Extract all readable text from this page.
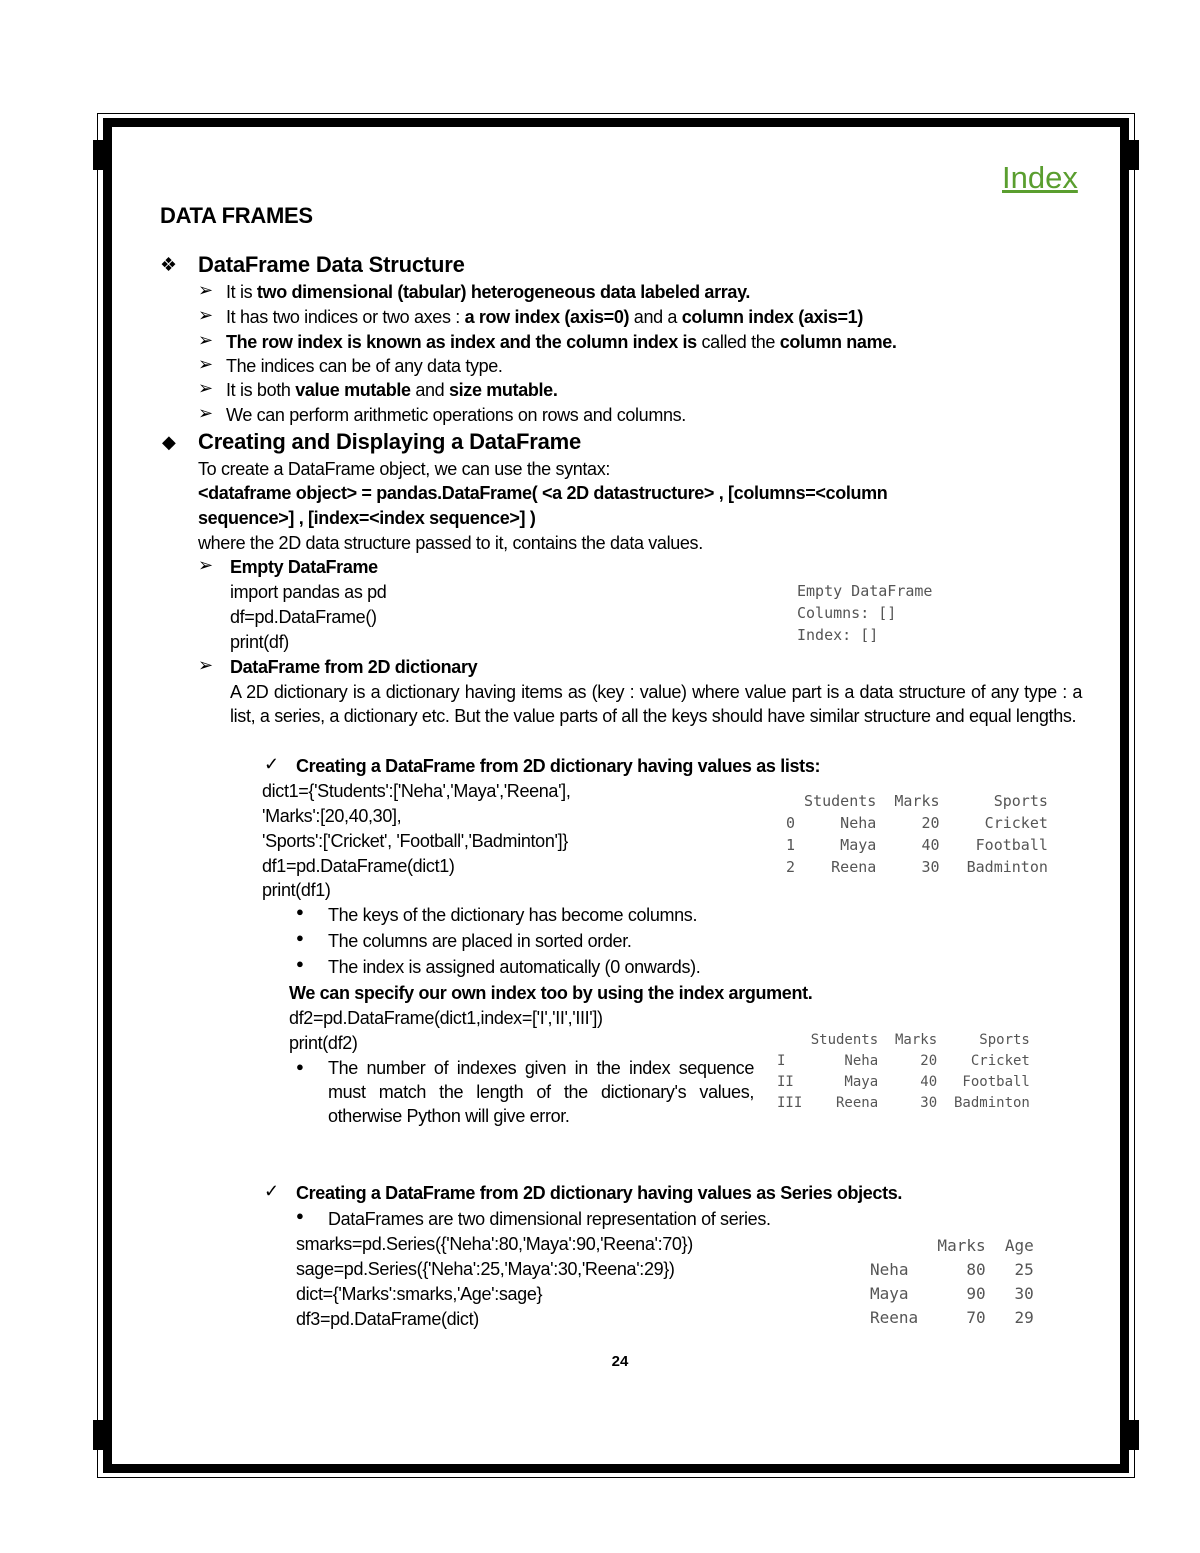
Index
DATA FRAMES
❖ DataFrame Data Structure
➢ It is two dimensional (tabular) heterogeneous data labeled array.
➢ It has two indices or two axes : a row index (axis=0) and a column index (axis=1)
➢ The row index is known as index and the column index is called the column name.
➢ The indices can be of any data type.
➢ It is both value mutable and size mutable.
➢ We can perform arithmetic operations on rows and columns.
◆ Creating and Displaying a DataFrame
To create a DataFrame object, we can use the syntax:
<dataframe object> = pandas.DataFrame( <a 2D datastructure> , [columns=<column
sequence>] , [index=<index sequence>] )
where the 2D data structure passed to it, contains the data values.
➢ Empty DataFrame
import pandas as pd
df=pd.DataFrame()
print(df)
Empty DataFrame
Columns: []
Index: []
➢ DataFrame from 2D dictionary
A 2D dictionary is a dictionary having items as (key : value) where value part is a data structure of any type : a list, a series, a dictionary etc. But the value parts of all the keys should have similar structure and equal lengths.
✓ Creating a DataFrame from 2D dictionary having values as lists:
dict1={'Students':['Neha','Maya','Reena'],
'Marks':[20,40,30],
'Sports':['Cricket', 'Football','Badminton']}
df1=pd.DataFrame(dict1)
print(df1)
Students  Marks      Sports
0     Neha     20     Cricket
1     Maya     40    Football
2    Reena     30   Badminton
● The keys of the dictionary has become columns.
● The columns are placed in sorted order.
● The index is assigned automatically (0 onwards).
We can specify our own index too by using the index argument.
df2=pd.DataFrame(dict1,index=['I','II','III'])
print(df2)
● The number of indexes given in the index sequence must match the length of the dictionary's values, otherwise Python will give error.
Students  Marks     Sports
I       Neha     20    Cricket
II      Maya     40   Football
III    Reena     30  Badminton
✓ Creating a DataFrame from 2D dictionary having values as Series objects.
● DataFrames are two dimensional representation of series.
smarks=pd.Series({'Neha':80,'Maya':90,'Reena':70})
sage=pd.Series({'Neha':25,'Maya':30,'Reena':29})
dict={'Marks':smarks,'Age':sage}
df3=pd.DataFrame(dict)
Marks  Age
Neha      80   25
Maya      90   30
Reena     70   29
24
